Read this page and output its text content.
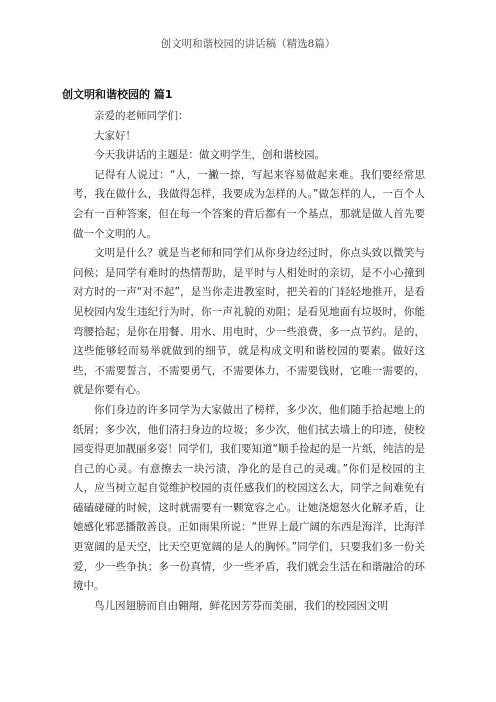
创文明和谐校园的讲话稿（精选8篇）
创文明和谐校园的 篇1

亲爱的老师同学们：

大家好！

今天我讲话的主题是：做文明学生，创和谐校园。

记得有人说过：“人，一撇一捺，写起来容易做起来难。我们要经常思考，我在做什么，我做得怎样，我要成为怎样的人。”做怎样的人，一百个人会有一百种答案，但在每一个答案的背后都有一个基点，那就是做人首先要做一个文明的人。

文明是什么？就是当老师和同学们从你身边经过时，你点头致以微笑与问候；是同学有难时的热情帮助，是平时与人相处时的亲切，是不小心撞到对方时的一声“对不起”，是当你走进教室时，把关着的门轻轻地推开，是看见校园内发生违纪行为时，你一声礼貌的劝阻；是看见地面有垃圾时，你能弯腰拾起；是你在用餐、用水、用电时，少一些浪费，多一点节约。是的，这些能够轻而易举就做到的细节，就是构成文明和谐校园的要素。做好这些，不需要誓言，不需要勇气，不需要体力，不需要钱财，它唯一需要的，就是你要有心。

你们身边的许多同学为大家做出了榜样，多少次，他们随手拾起地上的纸屑；多少次，他们清扫身边的垃圾；多少次，他们拭去墙上的印迹，使校园变得更加靓丽多姿！同学们，我们要知道“顺手捡起的是一片纸，纯洁的是自己的心灵。有意擦去一块污渍，净化的是自己的灵魂。”你们是校园的主人，应当树立起自觉维护校园的责任感我们的校园这么大，同学之间难免有磕磕碰碰的时候，这时就需要有一颗宽容之心。让她浇熄怒火化解矛盾，让她感化邪恶播散善良。正如雨果所说：“世界上最广阔的东西是海洋，比海洋更宽阔的是天空，比天空更宽阔的是人的胸怀。”同学们，只要我们多一份关爱，少一些争执；多一份真情，少一些矛盾，我们就会生活在和谐融洽的环境中。

鸟儿因翅膀而自由翱翔，鲜花因芳芬而美丽，我们的校园因文明
